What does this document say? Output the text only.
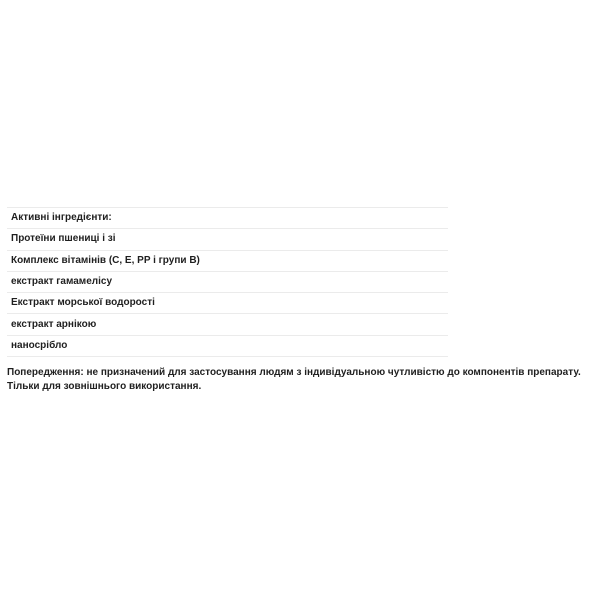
Активні інгредієнти:
Протеїни пшениці і зі
Комплекс вітамінів (C, E, PP і групи B)
екстракт гамамелісу
Екстракт морської водорості
екстракт арнікою
наносрібло

Попередження: не призначений для застосування людям з індивідуальною чутливістю до компонентів препарату. Тільки для зовнішнього використання.
